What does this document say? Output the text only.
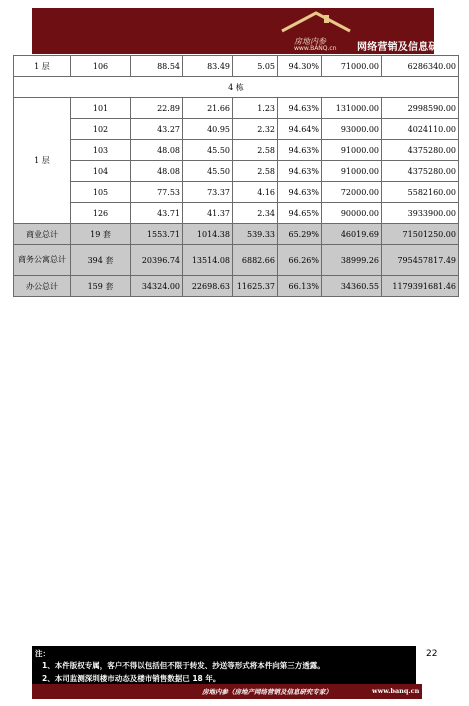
房地内参
www.BANQ.cn 网络营销及信息研究专家
1 层	106	88.54	83.49	5.05	94.30%	71000.00	6286340.00
4 栋							
1 层	101	22.89	21.66	1.23	94.63%	131000.00	2998590.00
	102	43.27	40.95	2.32	94.64%	93000.00	4024110.00
	103	48.08	45.50	2.58	94.63%	91000.00	4375280.00
	104	48.08	45.50	2.58	94.63%	91000.00	4375280.00
	105	77.53	73.37	4.16	94.63%	72000.00	5582160.00
	126	43.71	41.37	2.34	94.65%	90000.00	3933900.00
商业总计	19 套	1553.71	1014.38	539.33	65.29%	46019.69	71501250.00
商务公寓总计	394 套	20396.74	13514.08	6882.66	66.26%	38999.26	795457817.49
办公总计	159 套	34324.00	22698.63	11625.37	66.13%	34360.55	1179391681.46
22
注：
1、本件版权专属，客户不得以包括但不限于转发、抄送等形式将本件向第三方透露。
2、本司监测深圳楼市动态及楼市销售数据已 18 年。
房地内参（房地产网络营销及信息研究专家）	www.banq.cn
